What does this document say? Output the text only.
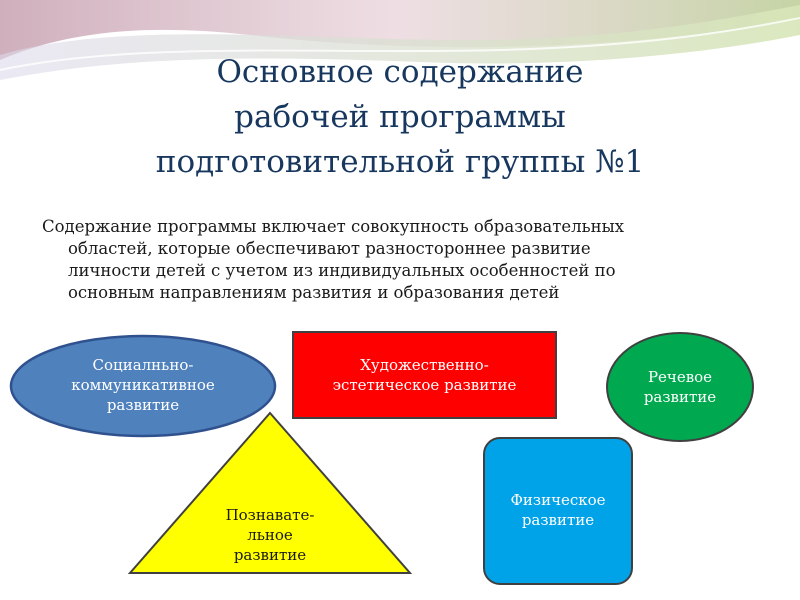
Основное содержание
рабочей программы
подготовительной группы №1
Содержание программы включает совокупность образовательных
областей, которые обеспечивают разностороннее развитие
личности детей с учетом из индивидуальных особенностей по
основным направлениям развития и образования детей
Социалньно-
коммуникативное
развитие
Художественно-
эстетическое развитие	Речевое
развитие
Познавате-
льное
развитие
Физическое
развитие
